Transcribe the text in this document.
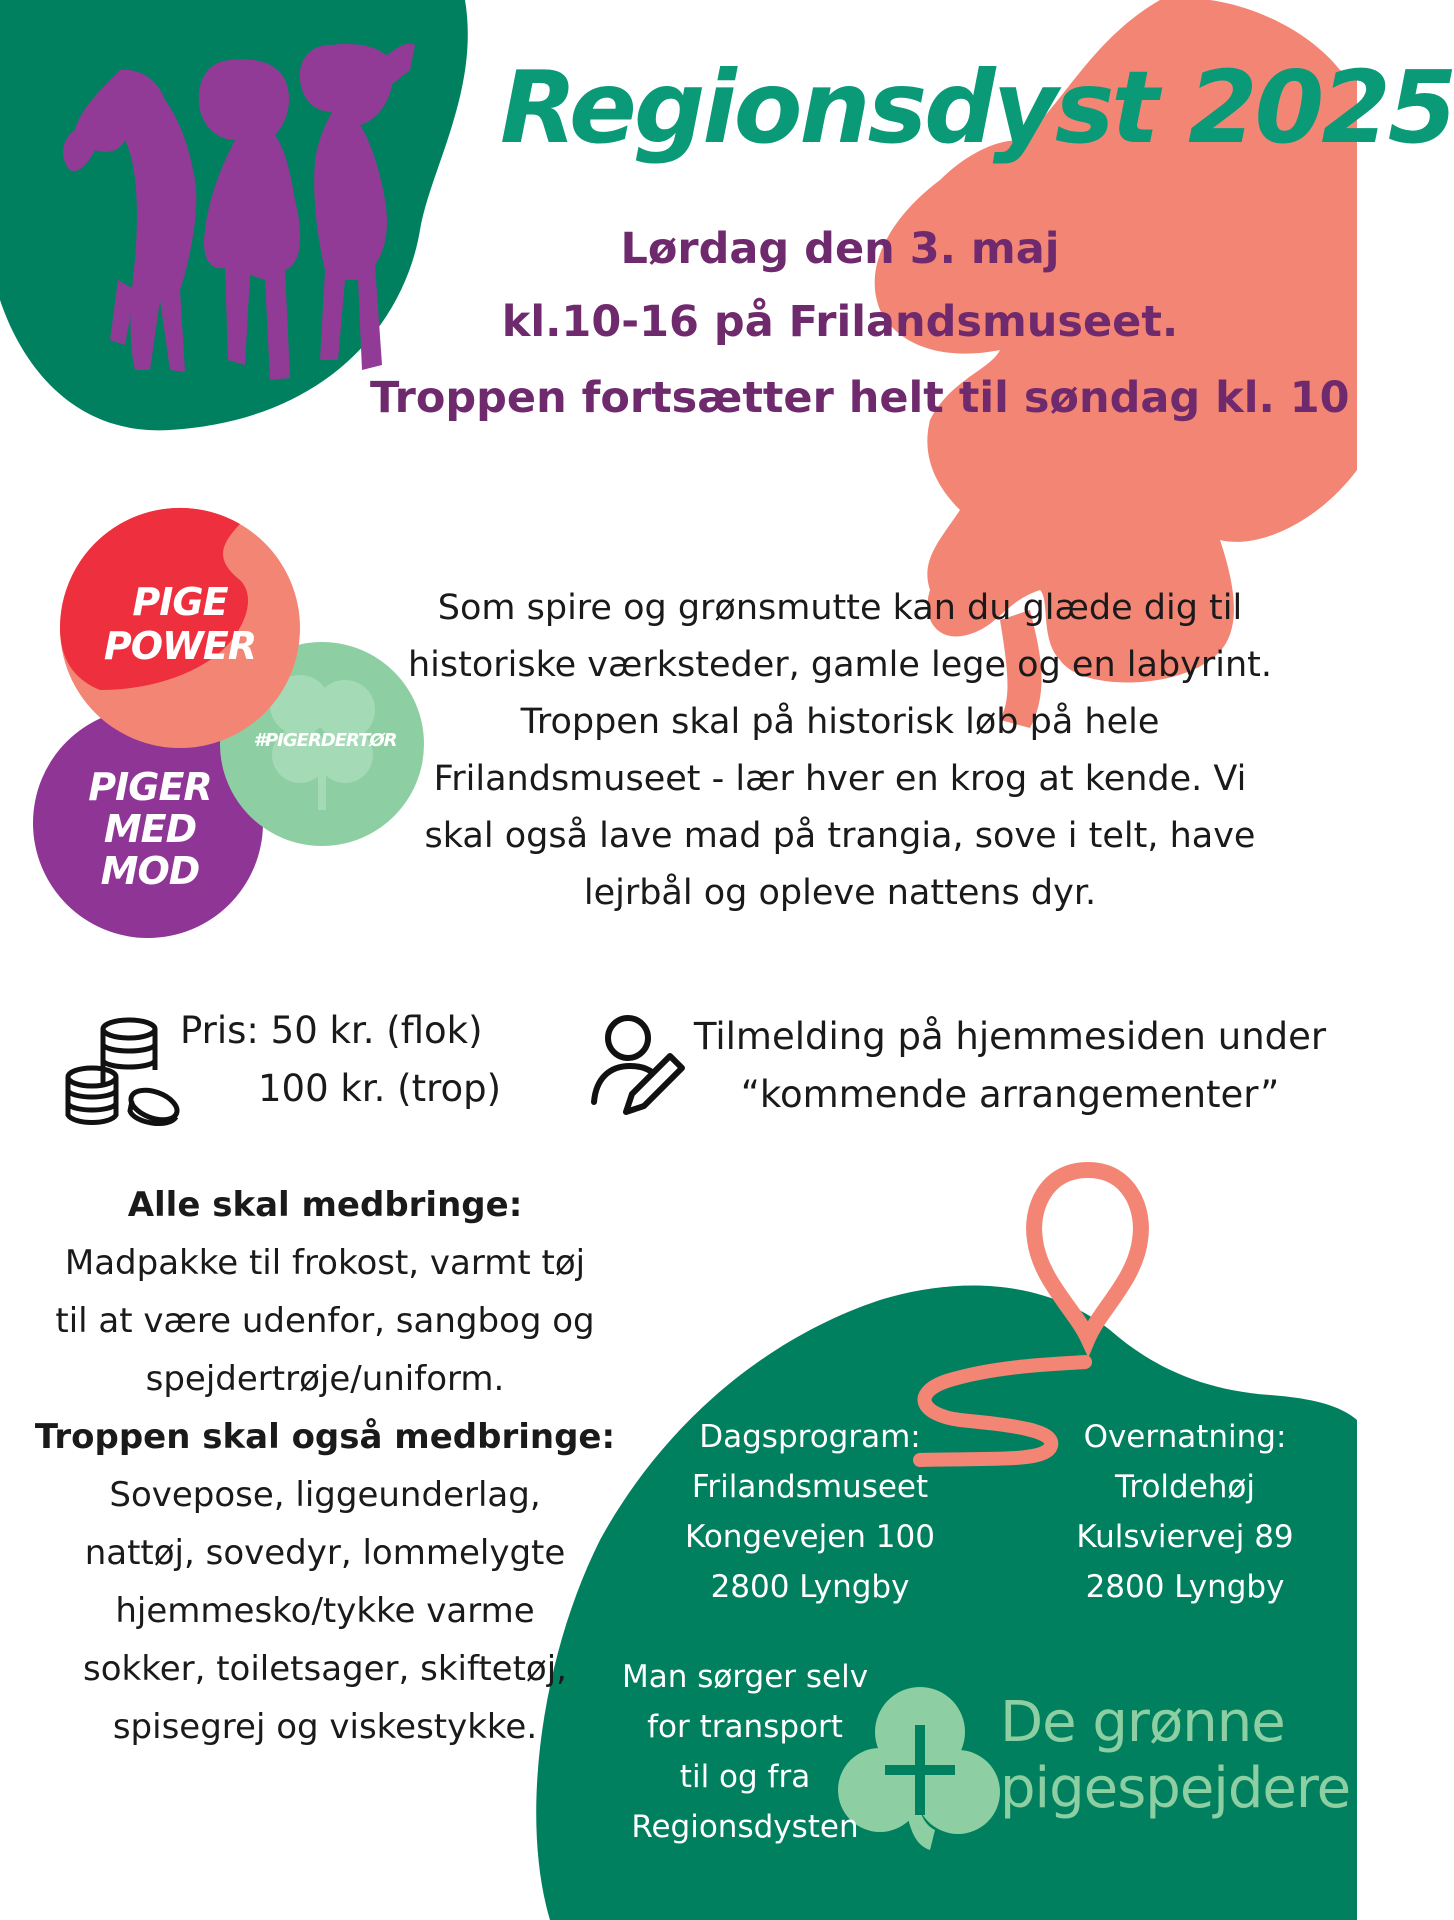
Regionsdyst 2025
Lørdag den 3. maj
kl.10-16 på Frilandsmuseet.
Troppen fortsætter helt til søndag kl. 10
PIGE
POWER
PIGER
MED
MOD
#PIGERDERTØR
Som spire og grønsmutte kan du glæde dig til
historiske værksteder, gamle lege og en labyrint.
Troppen skal på historisk løb på hele
Frilandsmuseet - lær hver en krog at kende. Vi
skal også lave mad på trangia, sove i telt, have
lejrbål og opleve nattens dyr.
Pris: 50 kr. (flok)
100 kr. (trop)
Tilmelding på hjemmesiden under
“kommende arrangementer”
Alle skal medbringe:
Madpakke til frokost, varmt tøj
til at være udenfor, sangbog og
spejdertrøje/uniform.
Troppen skal også medbringe:
Sovepose, liggeunderlag,
nattøj, sovedyr, lommelygte
hjemmesko/tykke varme
sokker, toiletsager, skiftetøj,
spisegrej og viskestykke.
Dagsprogram:
Frilandsmuseet
Kongevejen 100
2800 Lyngby
Overnatning:
Troldehøj
Kulsviervej 89
2800 Lyngby
Man sørger selv
for transport
til og fra
Regionsdysten
De grønne
pigespejdere
